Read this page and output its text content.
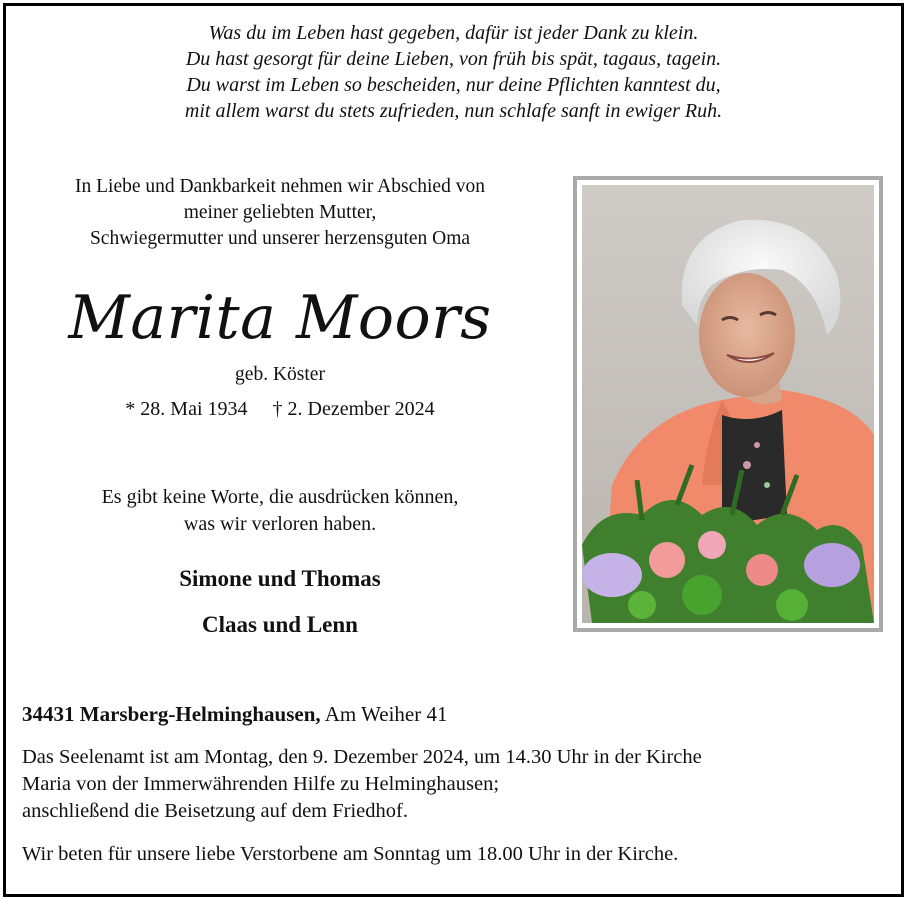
Was du im Leben hast gegeben, dafür ist jeder Dank zu klein.
Du hast gesorgt für deine Lieben, von früh bis spät, tagaus, tagein.
Du warst im Leben so bescheiden, nur deine Pflichten kanntest du,
mit allem warst du stets zufrieden, nun schlafe sanft in ewiger Ruh.
In Liebe und Dankbarkeit nehmen wir Abschied von
meiner geliebten Mutter,
Schwiegermutter und unserer herzensguten Oma
Marita Moors
geb. Köster
* 28. Mai 1934 † 2. Dezember 2024
Es gibt keine Worte, die ausdrücken können,
was wir verloren haben.
Simone und Thomas
Claas und Lenn
34431 Marsberg-Helminghausen, Am Weiher 41
Das Seelenamt ist am Montag, den 9. Dezember 2024, um 14.30 Uhr in der Kirche
Maria von der Immerwährenden Hilfe zu Helminghausen;
anschließend die Beisetzung auf dem Friedhof.
Wir beten für unsere liebe Verstorbene am Sonntag um 18.00 Uhr in der Kirche.
